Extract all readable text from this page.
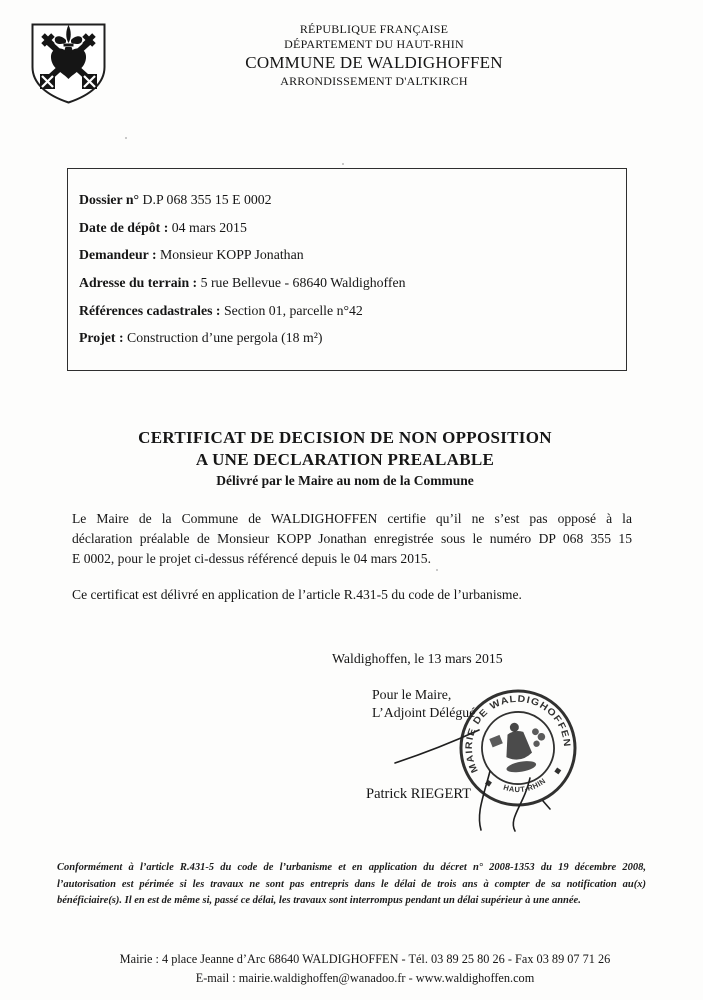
RÉPUBLIQUE FRANÇAISE
DÉPARTEMENT DU HAUT-RHIN
COMMUNE DE WALDIGHOFFEN
ARRONDISSEMENT D'ALTKIRCH
Dossier n° D.P 068 355 15 E 0002
Date de dépôt : 04 mars 2015
Demandeur : Monsieur KOPP Jonathan
Adresse du terrain : 5 rue Bellevue - 68640 Waldighoffen
Références cadastrales : Section 01, parcelle n°42
Projet : Construction d’une pergola (18 m²)
CERTIFICAT DE DECISION DE NON OPPOSITION
A UNE DECLARATION PREALABLE
Délivré par le Maire au nom de la Commune
Le Maire de la Commune de WALDIGHOFFEN certifie qu’il ne s’est pas opposé à la
déclaration préalable de Monsieur KOPP Jonathan enregistrée sous le numéro DP 068 355 15
E 0002, pour le projet ci-dessus référencé depuis le 04 mars 2015.
Ce certificat est délivré en application de l’article R.431-5 du code de l’urbanisme.
Waldighoffen, le 13 mars 2015
Pour le Maire,
L’Adjoint Délégué
Patrick RIEGERT
MAIRIE DE WALDIGHOFFEN
HAUT-RHIN
Conformément à l’article R.431-5 du code de l’urbanisme et en application du décret n° 2008-1353 du 19 décembre 2008,
l’autorisation est périmée si les travaux ne sont pas entrepris dans le délai de trois ans à compter de sa notification au(x)
bénéficiaire(s). Il en est de même si, passé ce délai, les travaux sont interrompus pendant un délai supérieur à une année.
Mairie : 4 place Jeanne d’Arc 68640 WALDIGHOFFEN - Tél. 03 89 25 80 26 - Fax 03 89 07 71 26
E-mail : mairie.waldighoffen@wanadoo.fr - www.waldighoffen.com
